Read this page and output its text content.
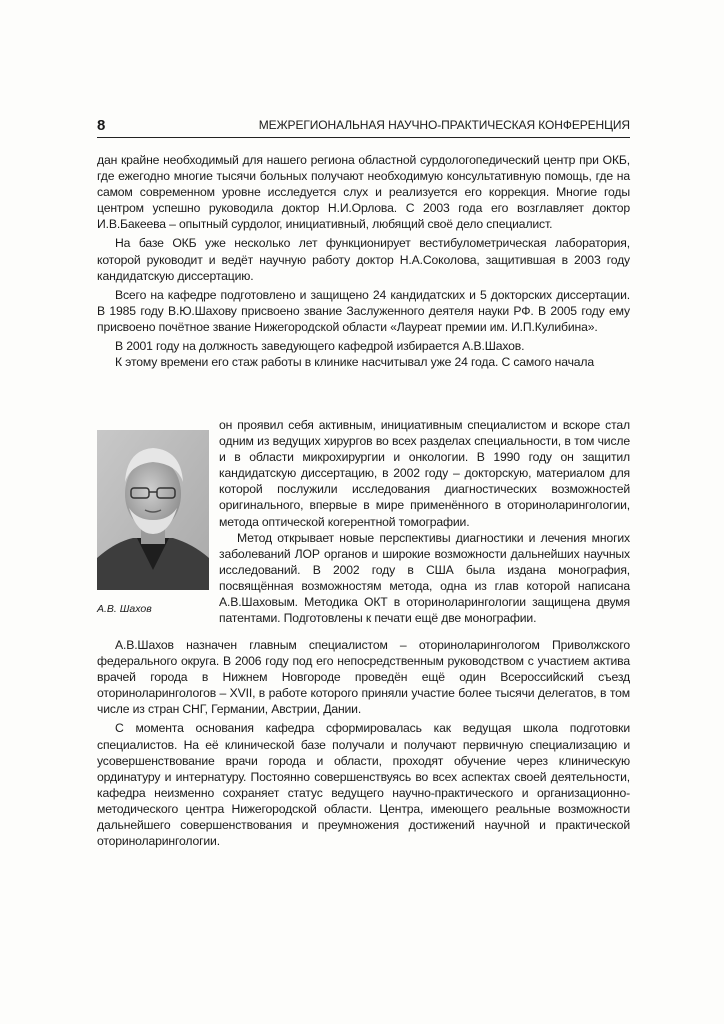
8	МЕЖРЕГИОНАЛЬНАЯ НАУЧНО-ПРАКТИЧЕСКАЯ КОНФЕРЕНЦИЯ

дан крайне необходимый для нашего региона областной сурдологопедический центр при ОКБ, где ежегодно многие тысячи больных получают необходимую консультативную помощь, где на самом современном уровне исследуется слух и реализуется его коррекция. Многие годы центром успешно руководила доктор Н.И.Орлова. С 2003 года его возглавляет доктор И.В.Бакеева – опытный сурдолог, инициативный, любящий своё дело специалист.

На базе ОКБ уже несколько лет функционирует вестибулометрическая лаборатория, которой руководит и ведёт научную работу доктор Н.А.Соколова, защитившая в 2003 году кандидатскую диссертацию.

Всего на кафедре подготовлено и защищено 24 кандидатских и 5 докторских диссертации. В 1985 году В.Ю.Шахову присвоено звание Заслуженного деятеля науки РФ. В 2005 году ему присвоено почётное звание Нижегородской области «Лауреат премии им. И.П.Кулибина».

В 2001 году на должность заведующего кафедрой избирается А.В.Шахов.

К этому времени его стаж работы в клинике насчитывал уже 24 года. С самого начала

А.В. Шахов

он проявил себя активным, инициативным специалистом и вскоре стал одним из ведущих хирургов во всех разделах специальности, в том числе и в области микрохирургии и онкологии. В 1990 году он защитил кандидатскую диссертацию, в 2002 году – докторскую, материалом для которой послужили исследования диагностических возможностей оригинального, впервые в мире применённого в оториноларингологии, метода оптической когерентной томографии.

Метод открывает новые перспективы диагностики и лечения многих заболеваний ЛОР органов и широкие возможности дальнейших научных исследований. В 2002 году в США была издана монография, посвящённая возможностям метода, одна из глав которой написана А.В.Шаховым. Методика ОКТ в оториноларингологии защищена двумя патентами. Подготовлены к печати ещё две монографии.

А.В.Шахов назначен главным специалистом – оториноларингологом Приволжского федерального округа. В 2006 году под его непосредственным руководством с участием актива врачей города в Нижнем Новгороде проведён ещё один Всероссийский съезд оториноларингологов – XVII, в работе которого приняли участие более тысячи делегатов, в том числе из стран СНГ, Германии, Австрии, Дании.

С момента основания кафедра сформировалась как ведущая школа подготовки специалистов. На её клинической базе получали и получают первичную специализацию и усовершенствование врачи города и области, проходят обучение через клиническую ординатуру и интернатуру. Постоянно совершенствуясь во всех аспектах своей деятельности, кафедра неизменно сохраняет статус ведущего научно-практического и организационно-методического центра Нижегородской области. Центра, имеющего реальные возможности дальнейшего совершенствования и преумножения достижений научной и практической оториноларингологии.
